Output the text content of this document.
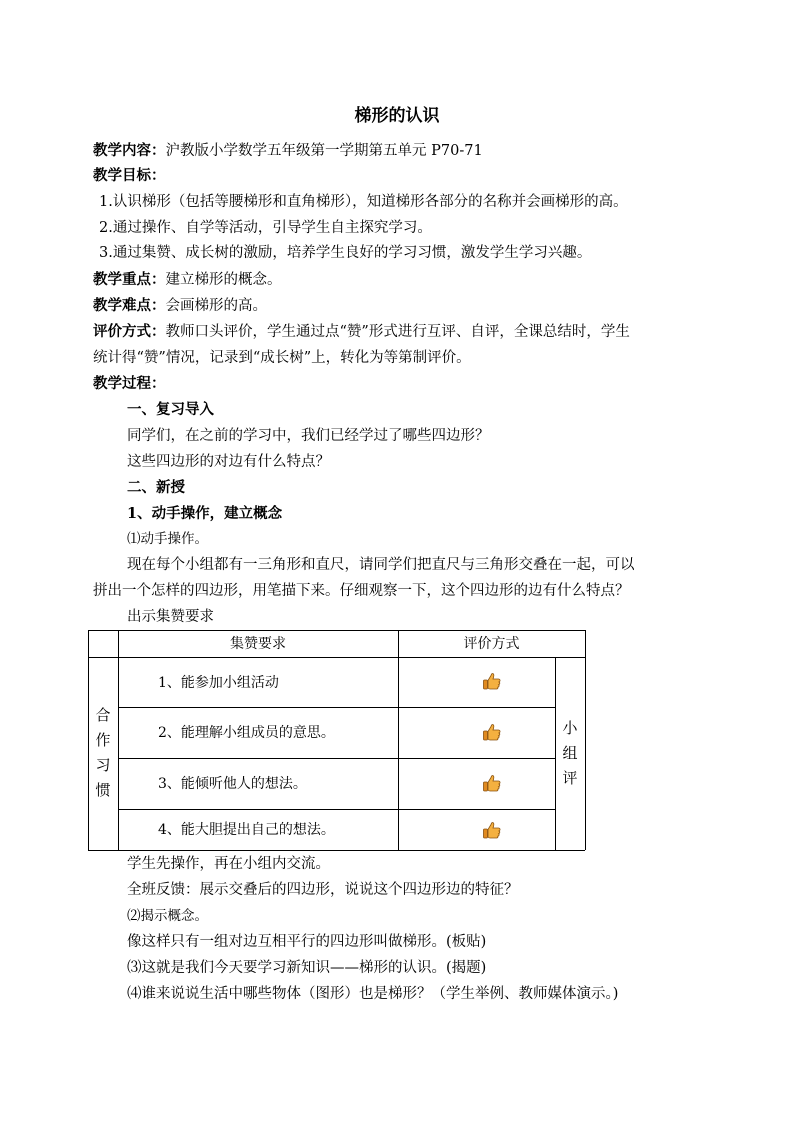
梯形的认识
教学内容：沪教版小学数学五年级第一学期第五单元 P70-71
教学目标：
1.认识梯形（包括等腰梯形和直角梯形），知道梯形各部分的名称并会画梯形的高。
2.通过操作、自学等活动，引导学生自主探究学习。
3.通过集赞、成长树的激励，培养学生良好的学习习惯，激发学生学习兴趣。
教学重点：建立梯形的概念。
教学难点：会画梯形的高。
评价方式：教师口头评价，学生通过点“赞”形式进行互评、自评，全课总结时，学生
统计得“赞”情况，记录到“成长树”上，转化为等第制评价。
教学过程：
一、复习导入
同学们，在之前的学习中，我们已经学过了哪些四边形？
这些四边形的对边有什么特点？
二、新授
1、动手操作，建立概念
⑴动手操作。
现在每个小组都有一三角形和直尺，请同学们把直尺与三角形交叠在一起，可以
拼出一个怎样的四边形，用笔描下来。仔细观察一下，这个四边形的边有什么特点？
出示集赞要求
集赞要求	评价方式
合
作
习
惯
小
组
评
1、能参加小组活动
2、能理解小组成员的意思。
3、能倾听他人的想法。
4、能大胆提出自己的想法。
学生先操作，再在小组内交流。
全班反馈：展示交叠后的四边形，说说这个四边形边的特征？
⑵揭示概念。
像这样只有一组对边互相平行的四边形叫做梯形。(板贴)
⑶这就是我们今天要学习新知识——梯形的认识。(揭题)
⑷谁来说说生活中哪些物体（图形）也是梯形？（学生举例、教师媒体演示。)
